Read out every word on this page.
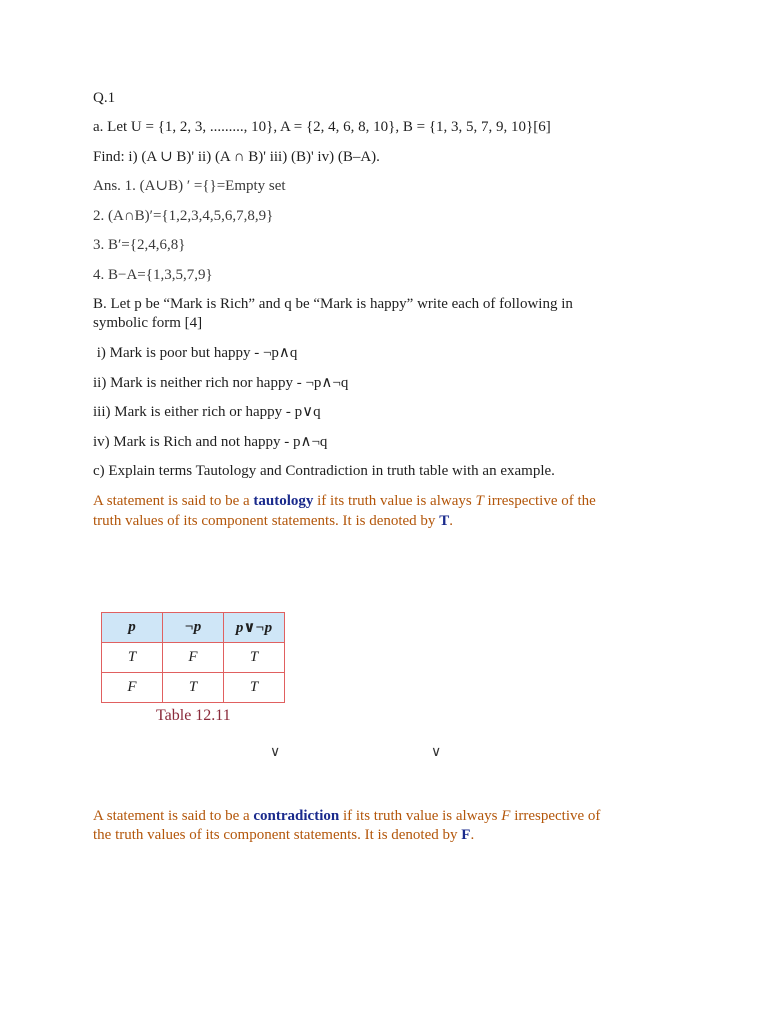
Q.1
a. Let U = {1, 2, 3, ........., 10}, A = {2, 4, 6, 8, 10}, B = {1, 3, 5, 7, 9, 10}[6]
Find: i) (A ∪ B)' ii) (A ∩ B)' iii) (B)' iv) (B–A).
Ans. 1. (A∪B) ′ ={}=Empty set
2. (A∩B)′={1,2,3,4,5,6,7,8,9}
3. B′={2,4,6,8}
4. B−A={1,3,5,7,9}
B. Let p be “Mark is Rich” and q be “Mark is happy” write each of following in
symbolic form [4]
i) Mark is poor but happy - ¬p∧q
ii) Mark is neither rich nor happy - ¬p∧¬q
iii) Mark is either rich or happy - p∨q
iv) Mark is Rich and not happy - p∧¬q
c) Explain terms Tautology and Contradiction in truth table with an example.
A statement is said to be a tautology if its truth value is always T irrespective of the
truth values of its component statements. It is denoted by T.
p	¬p	p∨¬p
T	F	T
F	T	T
Table 12.11
∨	∨
A statement is said to be a contradiction if its truth value is always F irrespective of
the truth values of its component statements. It is denoted by F.
